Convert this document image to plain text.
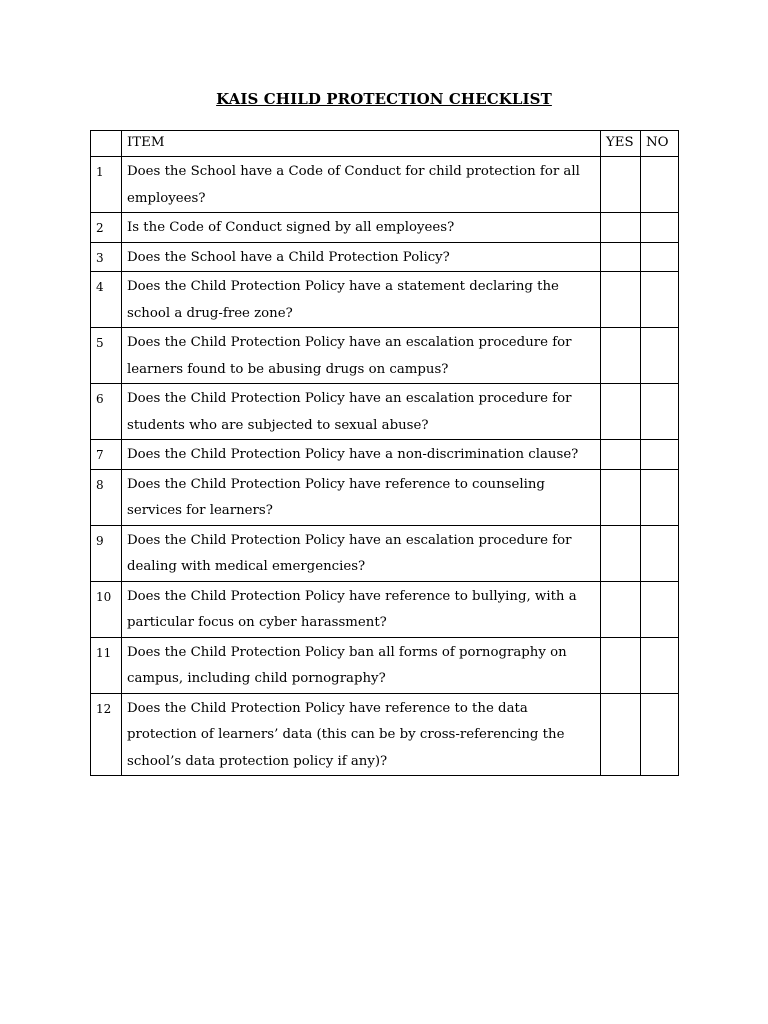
KAIS CHILD PROTECTION CHECKLIST
	ITEM	YES	NO
1	Does the School have a Code of Conduct for child protection for all employees?		
2	Is the Code of Conduct signed by all employees?		
3	Does the School have a Child Protection Policy?		
4	Does the Child Protection Policy have a statement declaring the school a drug-free zone?		
5	Does the Child Protection Policy have an escalation procedure for learners found to be abusing drugs on campus?		
6	Does the Child Protection Policy have an escalation procedure for students who are subjected to sexual abuse?		
7	Does the Child Protection Policy have a non-discrimination clause?		
8	Does the Child Protection Policy have reference to counseling services for learners?		
9	Does the Child Protection Policy have an escalation procedure for dealing with medical emergencies?		
10	Does the Child Protection Policy have reference to bullying, with a particular focus on cyber harassment?		
11	Does the Child Protection Policy ban all forms of pornography on campus, including child pornography?		
12	Does the Child Protection Policy have reference to the data protection of learners’ data (this can be by cross-referencing the school’s data protection policy if any)?		
